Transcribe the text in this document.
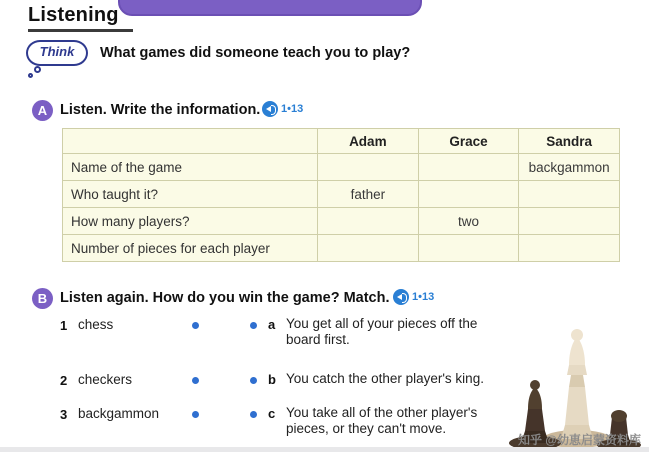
Listening
Think	What games did someone teach you to play?
A Listen. Write the information. 1•13
	Adam	Grace	Sandra
Name of the game			backgammon
Who taught it?	father		
How many players?		two	
Number of pieces for each player			
B Listen again. How do you win the game? Match. 1•13
1 chess
2 checkers
3 backgammon
a You get all of your pieces off the board first.
b You catch the other player's king.
c You take all of the other player's pieces, or they can't move.
知乎 @幼恵启蒙资料库
